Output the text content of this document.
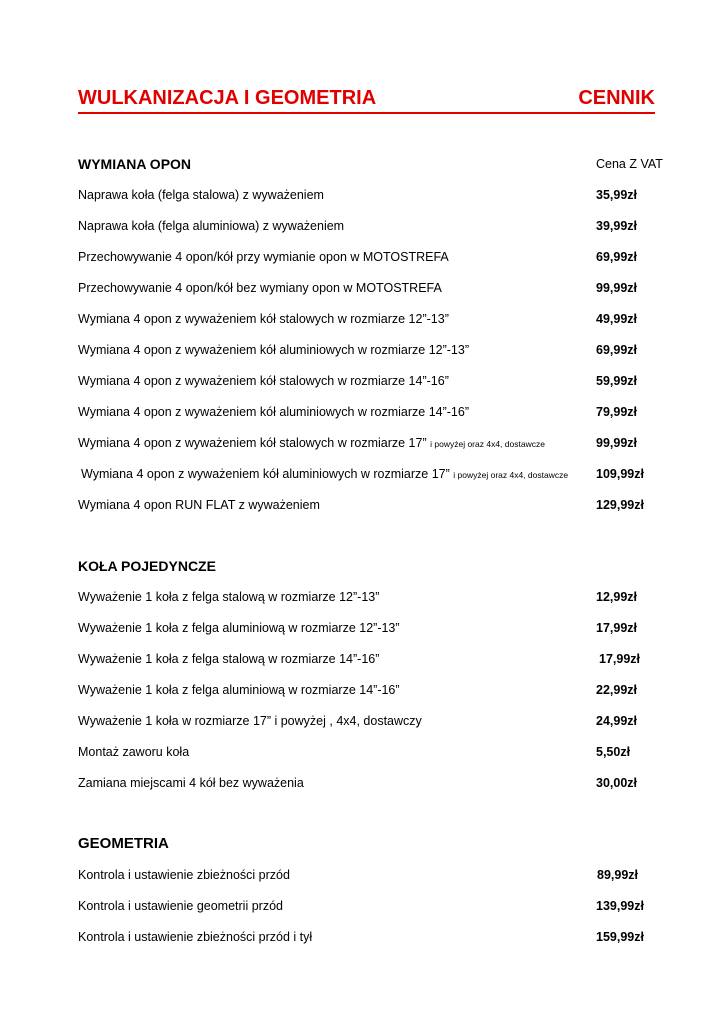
WULKANIZACJA I GEOMETRIA	CENNIK
WYMIANA OPON	Cena Z VAT
Naprawa koła (felga stalowa) z wyważeniem	35,99zł
Naprawa koła (felga aluminiowa) z wyważeniem	39,99zł
Przechowywanie 4 opon/kół przy wymianie opon w MOTOSTREFA	69,99zł
Przechowywanie 4 opon/kół bez wymiany opon w MOTOSTREFA	99,99zł
Wymiana 4 opon z wyważeniem kół stalowych w rozmiarze 12”-13”	49,99zł
Wymiana 4 opon z wyważeniem kół aluminiowych w rozmiarze 12”-13”	69,99zł
Wymiana 4 opon z wyważeniem kół stalowych w rozmiarze 14”-16”	59,99zł
Wymiana 4 opon z wyważeniem kół aluminiowych w rozmiarze 14”-16”	79,99zł
Wymiana 4 opon z wyważeniem kół stalowych w rozmiarze 17” i powyżej oraz 4x4, dostawcze	99,99zł
Wymiana 4 opon z wyważeniem kół aluminiowych w rozmiarze 17” i powyżej oraz 4x4, dostawcze 109,99zł
Wymiana 4 opon RUN FLAT z wyważeniem	129,99zł
KOŁA POJEDYNCZE
Wyważenie 1 koła z felga stalową w rozmiarze 12”-13”	12,99zł
Wyważenie 1 koła z felga aluminiową w rozmiarze 12”-13”	17,99zł
Wyważenie 1 koła z felga stalową w rozmiarze 14”-16”	17,99zł
Wyważenie 1 koła z felga aluminiową w rozmiarze 14”-16”	22,99zł
Wyważenie 1 koła w rozmiarze 17” i powyżej , 4x4, dostawczy	24,99zł
Montaż zaworu koła	5,50zł
Zamiana miejscami 4 kół bez wyważenia	30,00zł
GEOMETRIA
Kontrola i ustawienie zbieżności przód	89,99zł
Kontrola i ustawienie geometrii przód	139,99zł
Kontrola i ustawienie zbieżności przód i tył	159,99zł
